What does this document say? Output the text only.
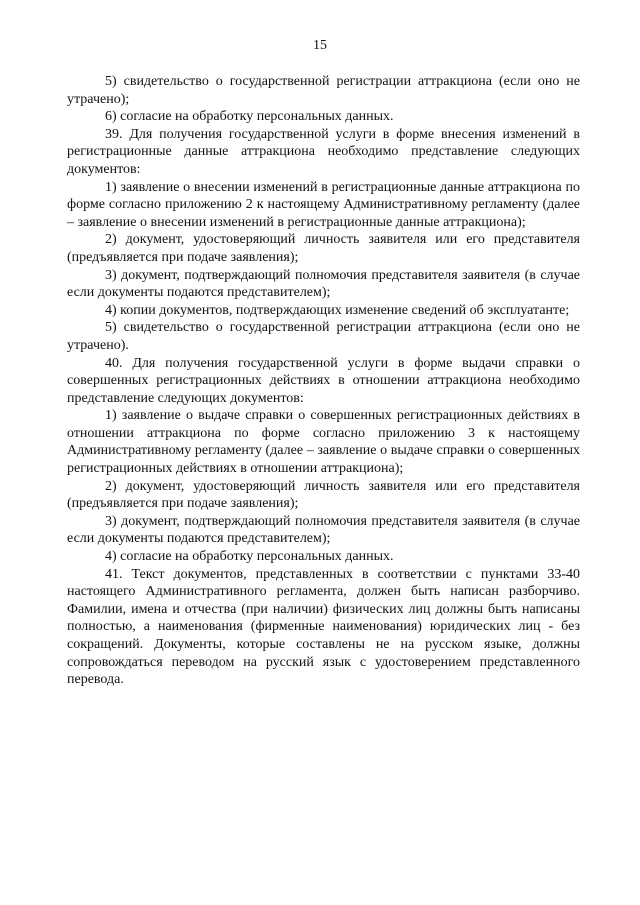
15

5) свидетельство о государственной регистрации аттракциона (если оно не утрачено);

6) согласие на обработку персональных данных.

39. Для получения государственной услуги в форме внесения изменений в регистрационные данные аттракциона необходимо представление следующих документов:

1) заявление о внесении изменений в регистрационные данные аттракциона по форме согласно приложению 2 к настоящему Административному регламенту (далее – заявление о внесении изменений в регистрационные данные аттракциона);

2) документ, удостоверяющий личность заявителя или его представителя (предъявляется при подаче заявления);

3) документ, подтверждающий полномочия представителя заявителя (в случае если документы подаются представителем);

4) копии документов, подтверждающих изменение сведений об эксплуатанте;

5) свидетельство о государственной регистрации аттракциона (если оно не утрачено).

40. Для получения государственной услуги в форме выдачи справки о совершенных регистрационных действиях в отношении аттракциона необходимо представление следующих документов:

1) заявление о выдаче справки о совершенных регистрационных действиях в отношении аттракциона по форме согласно приложению 3 к настоящему Административному регламенту (далее – заявление о выдаче справки о совершенных регистрационных действиях в отношении аттракциона);

2) документ, удостоверяющий личность заявителя или его представителя (предъявляется при подаче заявления);

3) документ, подтверждающий полномочия представителя заявителя (в случае если документы подаются представителем);

4) согласие на обработку персональных данных.

41. Текст документов, представленных в соответствии с пунктами 33-40 настоящего Административного регламента, должен быть написан разборчиво. Фамилии, имена и отчества (при наличии) физических лиц должны быть написаны полностью, а наименования (фирменные наименования) юридических лиц - без сокращений. Документы, которые составлены не на русском языке, должны сопровождаться переводом на русский язык с удостоверением представленного перевода.
